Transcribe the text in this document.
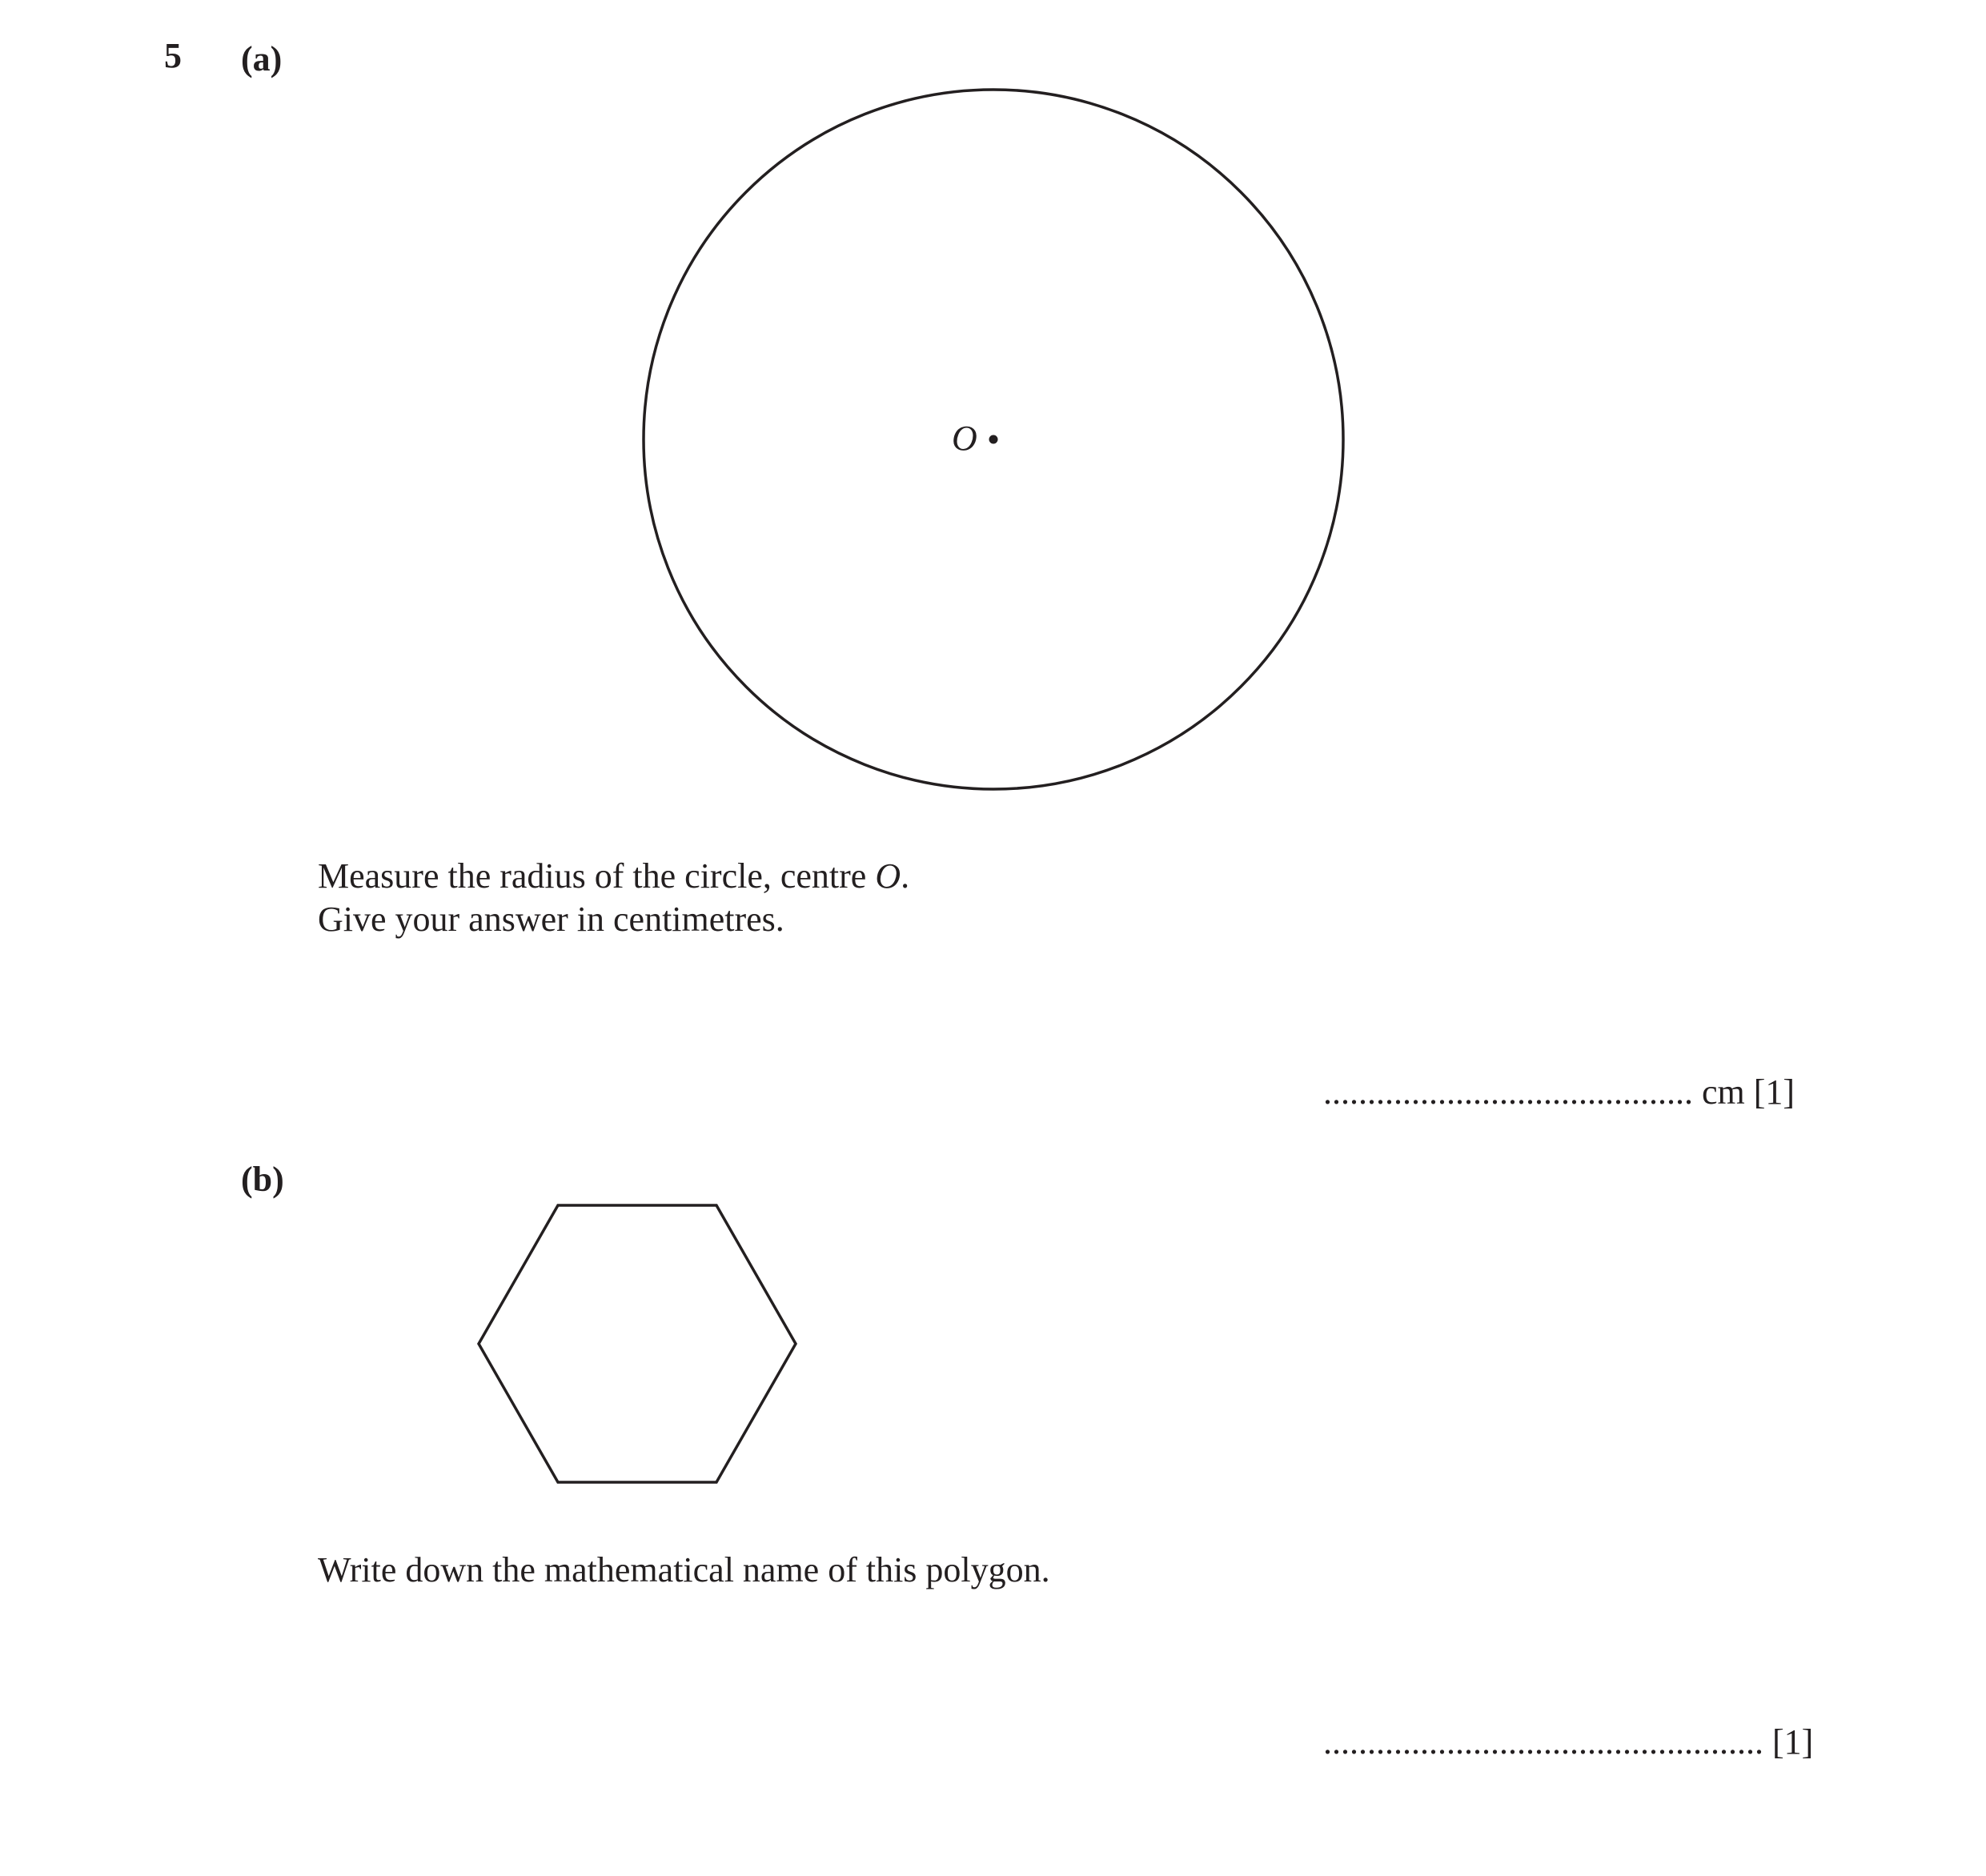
5 (a)
O
Measure the radius of the circle, centre O.
Give your answer in centimetres.
.......................................... cm [1]
(b)
Write down the mathematical name of this polygon.
.................................................. [1]
